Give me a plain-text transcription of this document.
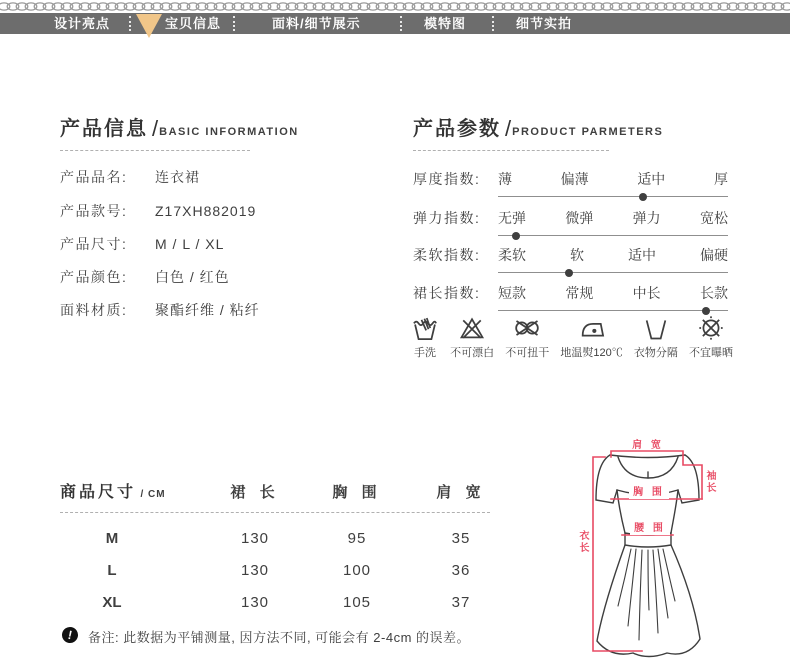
设计亮点	宝贝信息	面料/细节展示	模特图	细节实拍
产品信息 / BASIC INFORMATION
产品品名: 连衣裙
产品款号: Z17XH882019
产品尺寸: M / L / XL
产品颜色: 白色 / 红色
面料材质: 聚酯纤维 / 粘纤
产品参数 / PRODUCT PARMETERS
厚度指数: 薄	偏薄	适中	厚
弹力指数: 无弹	微弹	弹力	宽松
柔软指数: 柔软	软	适中	偏硬
裙长指数: 短款	常规	中长	长款
手洗 不可漂白 不可扭干 地温熨120℃ 衣物分隔 不宜曝晒
商品尺寸 / CM	裙 长	胸 围	肩 宽
M	130	95	35
L	130	100	36
XL	130	105	37
!	备注: 此数据为平铺测量, 因方法不同, 可能会有 2-4cm 的误差。
肩 宽
胸 围
腰 围
袖长
衣长
